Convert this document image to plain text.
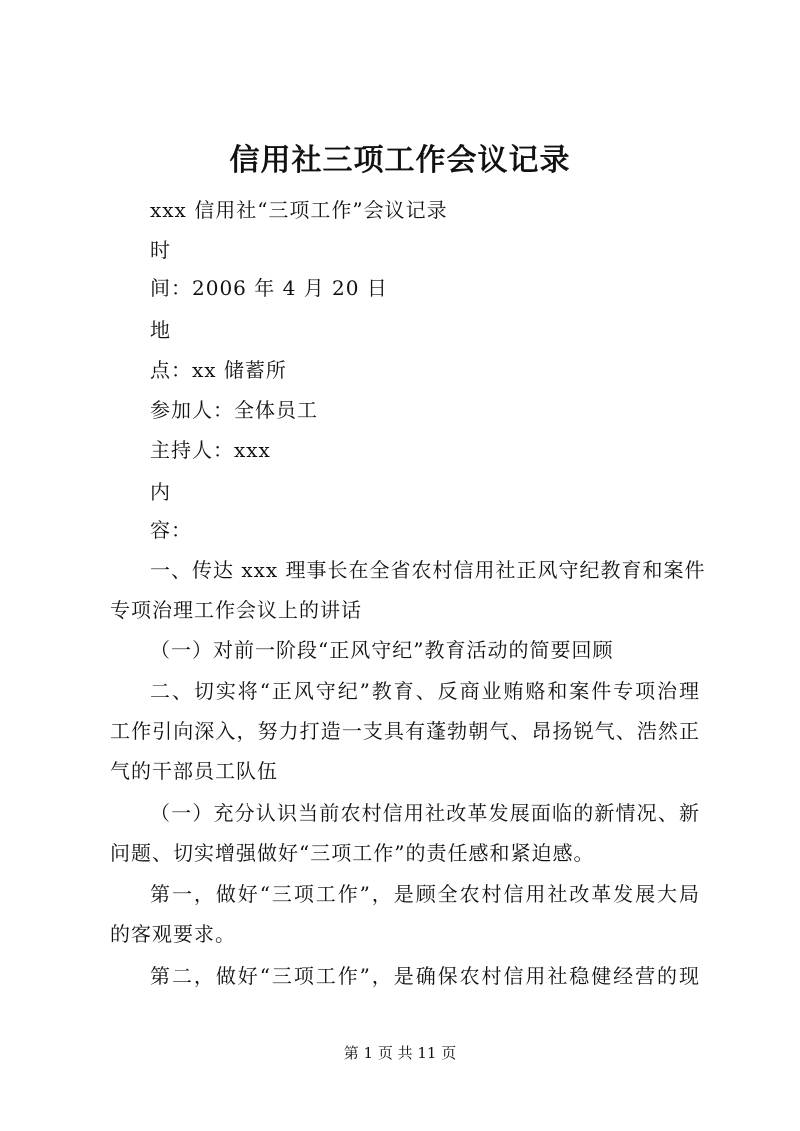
信用社三项工作会议记录
xxx 信用社“三项工作”会议记录
时
间：2006 年 4 月 20 日
地
点：xx 储蓄所
参加人：全体员工
主持人：xxx
内
容：
一、传达 xxx 理事长在全省农村信用社正风守纪教育和案件
专项治理工作会议上的讲话
（一）对前一阶段“正风守纪”教育活动的简要回顾
二、切实将“正风守纪”教育、反商业贿赂和案件专项治理
工作引向深入，努力打造一支具有蓬勃朝气、昂扬锐气、浩然正
气的干部员工队伍
（一）充分认识当前农村信用社改革发展面临的新情况、新
问题、切实增强做好“三项工作”的责任感和紧迫感。
第一，做好“三项工作”，是顾全农村信用社改革发展大局
的客观要求。
第二，做好“三项工作”，是确保农村信用社稳健经营的现
第 1 页 共 11 页
